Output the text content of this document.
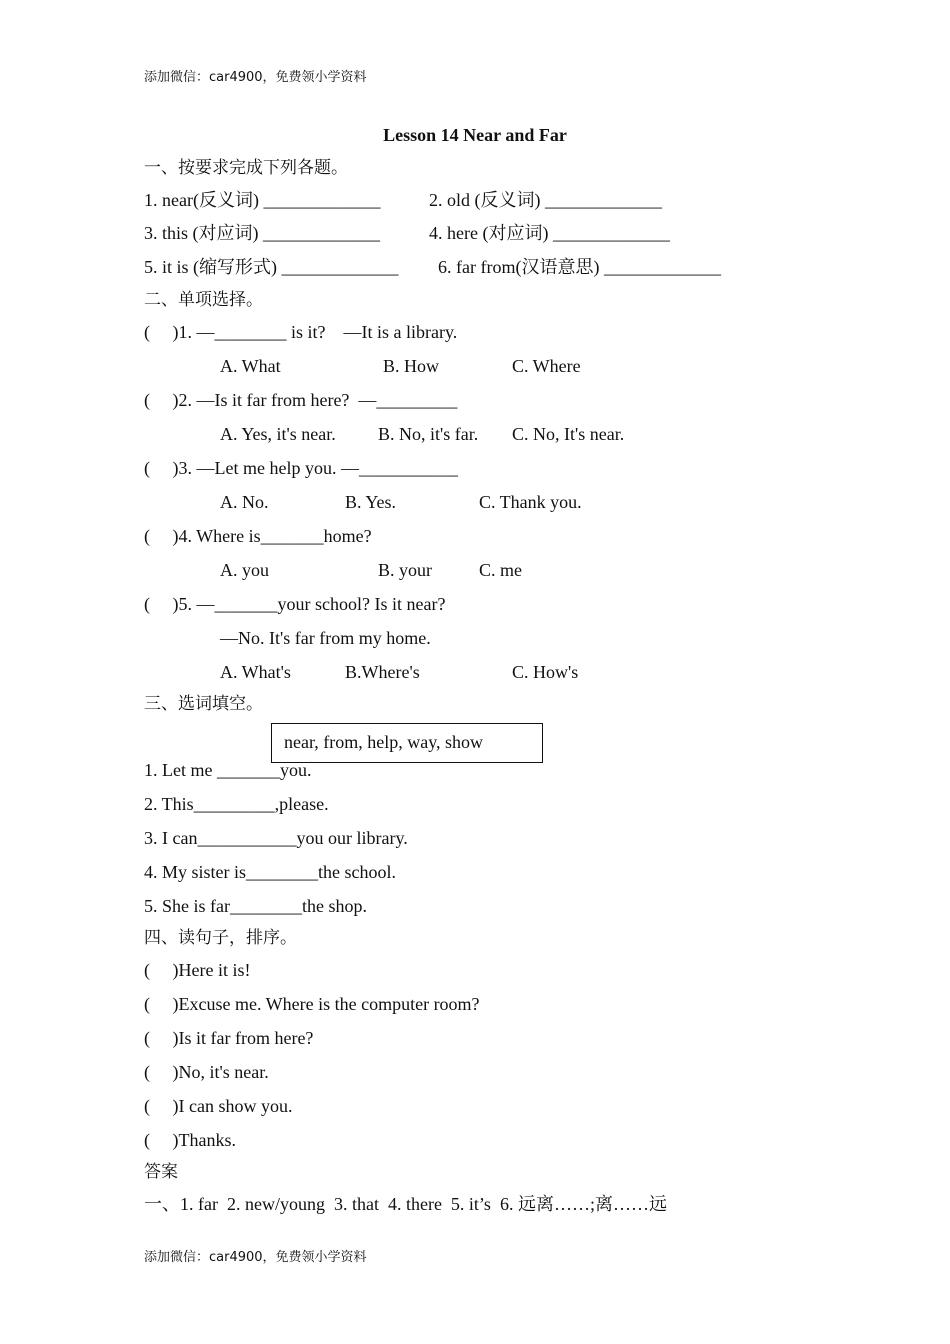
添加微信：car4900，免费领小学资料
Lesson 14 Near and Far
一、按要求完成下列各题。
1. near(反义词) _____________	2. old (反义词) _____________
3. this (对应词) _____________	4. here (对应词) _____________
5. it is (缩写形式) _____________ 6. far from(汉语意思) _____________
二、单项选择。
(     )1. —________ is it?    —It is a library.
A. What	B. How	C. Where
(     )2. —Is it far from here?  —_________
A. Yes, it's near. B. No, it's far. C. No, It's near.
(     )3. —Let me help you. —___________
A. No.	B. Yes.	C. Thank you.
(     )4. Where is_______home?
A. you	B. your	C. me
(     )5. —_______your school? Is it near?
—No. It's far from my home.
A. What's	B.Where's	C. How's
三、选词填空。
near, from, help, way, show
1. Let me _______you.
2. This_________,please.
3. I can___________you our library.
4. My sister is________the school.
5. She is far________the shop.
四、读句子，排序。
(     )Here it is!
(     )Excuse me. Where is the computer room?
(     )Is it far from here?
(     )No, it's near.
(     )I can show you.
(     )Thanks.
答案
一、1. far  2. new/young  3. that  4. there  5. it’s  6. 远离……;离……远
添加微信：car4900，免费领小学资料
